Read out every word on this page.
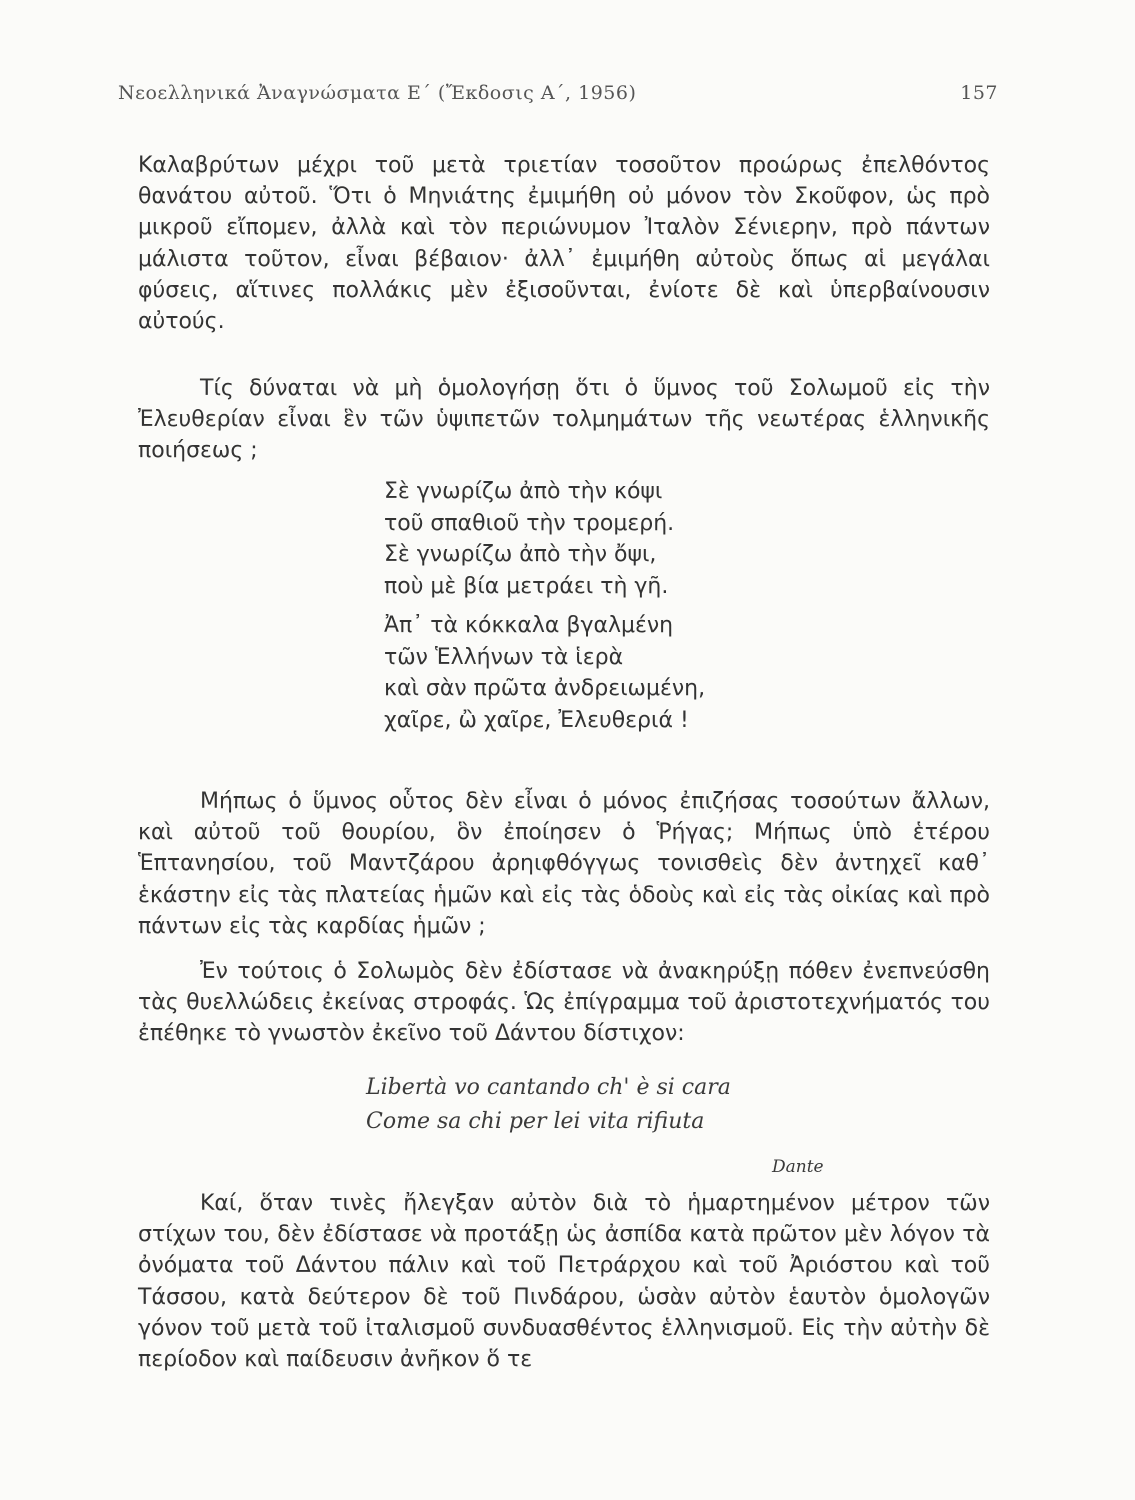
Νεοελληνικά Ἀναγνώσματα Ε΄ (Ἔκδοσις Α΄, 1956)	157

Καλαβρύτων μέχρι τοῦ μετὰ τριετίαν τοσοῦτον προώρως ἐπελθόντος θανάτου αὐτοῦ. Ὅτι ὁ Μηνιάτης ἐμιμήθη οὐ μόνον τὸν Σκοῦφον, ὡς πρὸ μικροῦ εἴπομεν, ἀλλὰ καὶ τὸν περιώνυμον Ἰταλὸν Σένιερην, πρὸ πάντων μάλιστα τοῦτον, εἶναι βέβαιον· ἀλλ᾽ ἐμιμήθη αὐτοὺς ὅπως αἱ μεγάλαι φύσεις, αἵτινες πολλάκις μὲν ἐξισοῦνται, ἐνίοτε δὲ καὶ ὑπερβαίνουσιν αὐτούς.

Τίς δύναται νὰ μὴ ὁμολογήσῃ ὅτι ὁ ὕμνος τοῦ Σολωμοῦ εἰς τὴν Ἐλευθερίαν εἶναι ἓν τῶν ὑψιπετῶν τολμημάτων τῆς νεωτέρας ἑλληνικῆς ποιήσεως ;

Σὲ γνωρίζω ἀπὸ τὴν κόψι
τοῦ σπαθιοῦ τὴν τρομερή.
Σὲ γνωρίζω ἀπὸ τὴν ὄψι,
ποὺ μὲ βία μετράει τὴ γῆ.
Ἀπ᾽ τὰ κόκκαλα βγαλμένη
τῶν Ἑλλήνων τὰ ἱερὰ
καὶ σὰν πρῶτα ἀνδρειωμένη,
χαῖρε, ὢ χαῖρε, Ἐλευθεριά !

Μήπως ὁ ὕμνος οὗτος δὲν εἶναι ὁ μόνος ἐπιζήσας τοσούτων ἄλλων, καὶ αὐτοῦ τοῦ θουρίου, ὃν ἐποίησεν ὁ Ῥήγας; Μήπως ὑπὸ ἑτέρου Ἑπτανησίου, τοῦ Μαντζάρου ἀρηιφθόγγως τονισθεὶς δὲν ἀντηχεῖ καθ᾽ ἑκάστην εἰς τὰς πλατείας ἡμῶν καὶ εἰς τὰς ὁδοὺς καὶ εἰς τὰς οἰκίας καὶ πρὸ πάντων εἰς τὰς καρδίας ἡμῶν ;

Ἐν τούτοις ὁ Σολωμὸς δὲν ἐδίστασε νὰ ἀνακηρύξῃ πόθεν ἐνεπνεύσθη τὰς θυελλώδεις ἐκείνας στροφάς. Ὡς ἐπίγραμμα τοῦ ἀριστοτεχνήματός του ἐπέθηκε τὸ γνωστὸν ἐκεῖνο τοῦ Δάντου δίστιχον:

Libertà vo cantando ch' è si cara
Come sa chi per lei vita rifiuta
Dante

Καί, ὅταν τινὲς ἤλεγξαν αὐτὸν διὰ τὸ ἡμαρτημένον μέτρον τῶν στίχων του, δὲν ἐδίστασε νὰ προτάξῃ ὡς ἀσπίδα κατὰ πρῶτον μὲν λόγον τὰ ὀνόματα τοῦ Δάντου πάλιν καὶ τοῦ Πετράρχου καὶ τοῦ Ἀριόστου καὶ τοῦ Τάσσου, κατὰ δεύτερον δὲ τοῦ Πινδάρου, ὡσὰν αὐτὸν ἑαυτὸν ὁμολογῶν γόνον τοῦ μετὰ τοῦ ἰταλισμοῦ συνδυασθέντος ἑλληνισμοῦ. Εἰς τὴν αὐτὴν δὲ περίοδον καὶ παίδευσιν ἀνῆκον ὅ τε
